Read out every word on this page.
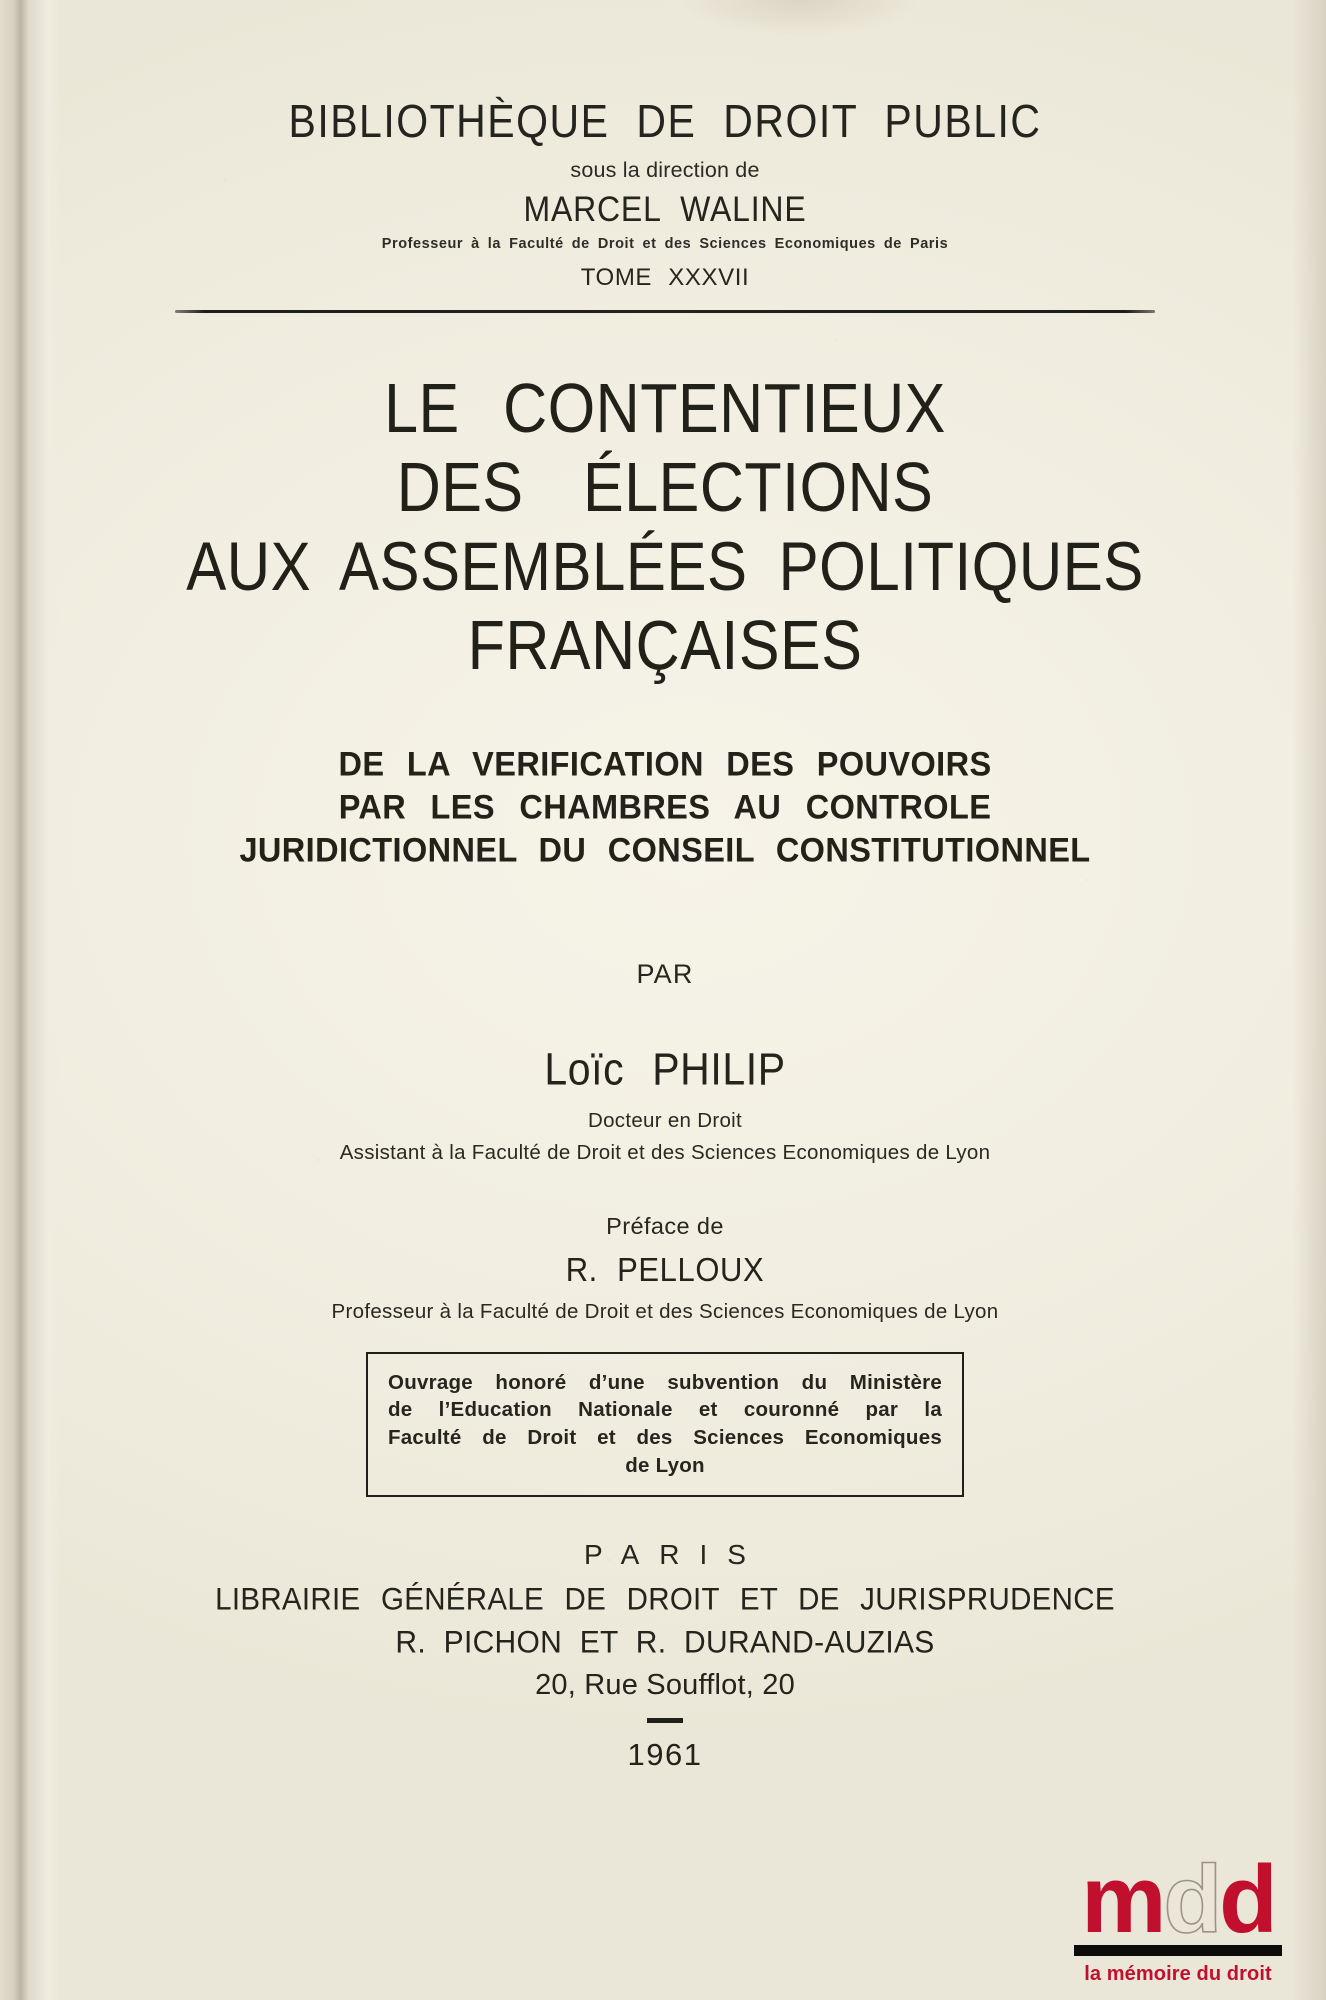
BIBLIOTHÈQUE DE DROIT PUBLIC
sous la direction de
MARCEL WALINE
Professeur à la Faculté de Droit et des Sciences Economiques de Paris
TOME XXXVII
LE CONTENTIEUX
DES ÉLECTIONS
AUX ASSEMBLÉES POLITIQUES
FRANÇAISES
DE LA VERIFICATION DES POUVOIRS
PAR LES CHAMBRES AU CONTROLE
JURIDICTIONNEL DU CONSEIL CONSTITUTIONNEL
PAR
Loïc PHILIP
Docteur en Droit
Assistant à la Faculté de Droit et des Sciences Economiques de Lyon
Préface de
R. PELLOUX
Professeur à la Faculté de Droit et des Sciences Economiques de Lyon
Ouvrage honoré d’une subvention du Ministère
de l’Education Nationale et couronné par la
Faculté de Droit et des Sciences Economiques
de Lyon
PARIS
LIBRAIRIE GÉNÉRALE DE DROIT ET DE JURISPRUDENCE
R. PICHON ET R. DURAND-AUZIAS
20, Rue Soufflot, 20
1961
mdd
la mémoire du droit
